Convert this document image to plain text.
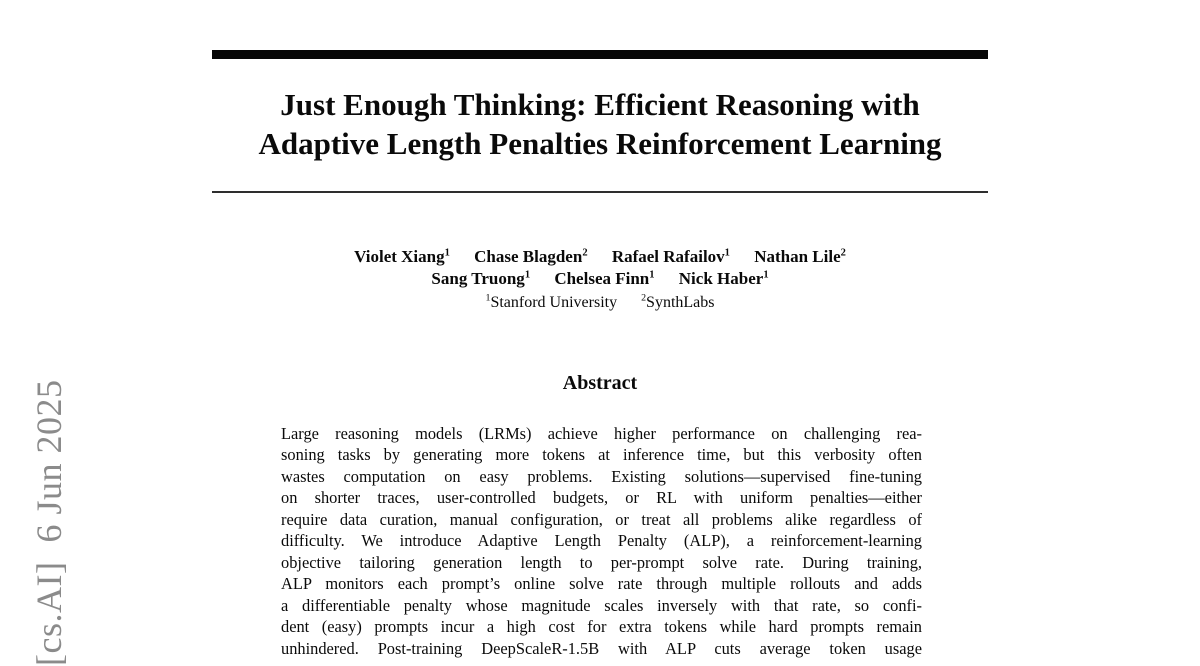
[cs.AI]  6 Jun 2025
Just Enough Thinking: Efficient Reasoning with
Adaptive Length Penalties Reinforcement Learning
Violet Xiang$^1$ Chase Blagden$^2$ Rafael Rafailov$^1$ Nathan Lile$^2$
Sang Truong$^1$ Chelsea Finn$^1$ Nick Haber$^1$
$^1$Stanford University $^2$SynthLabs
Abstract
Large reasoning models (LRMs) achieve higher performance on challenging rea-
soning tasks by generating more tokens at inference time, but this verbosity often
wastes computation on easy problems. Existing solutions—supervised fine-tuning
on shorter traces, user-controlled budgets, or RL with uniform penalties—either
require data curation, manual configuration, or treat all problems alike regardless of
difficulty. We introduce Adaptive Length Penalty (ALP), a reinforcement-learning
objective tailoring generation length to per-prompt solve rate. During training,
ALP monitors each prompt’s online solve rate through multiple rollouts and adds
a differentiable penalty whose magnitude scales inversely with that rate, so confi-
dent (easy) prompts incur a high cost for extra tokens while hard prompts remain
unhindered. Post-training DeepScaleR-1.5B with ALP cuts average token usage
